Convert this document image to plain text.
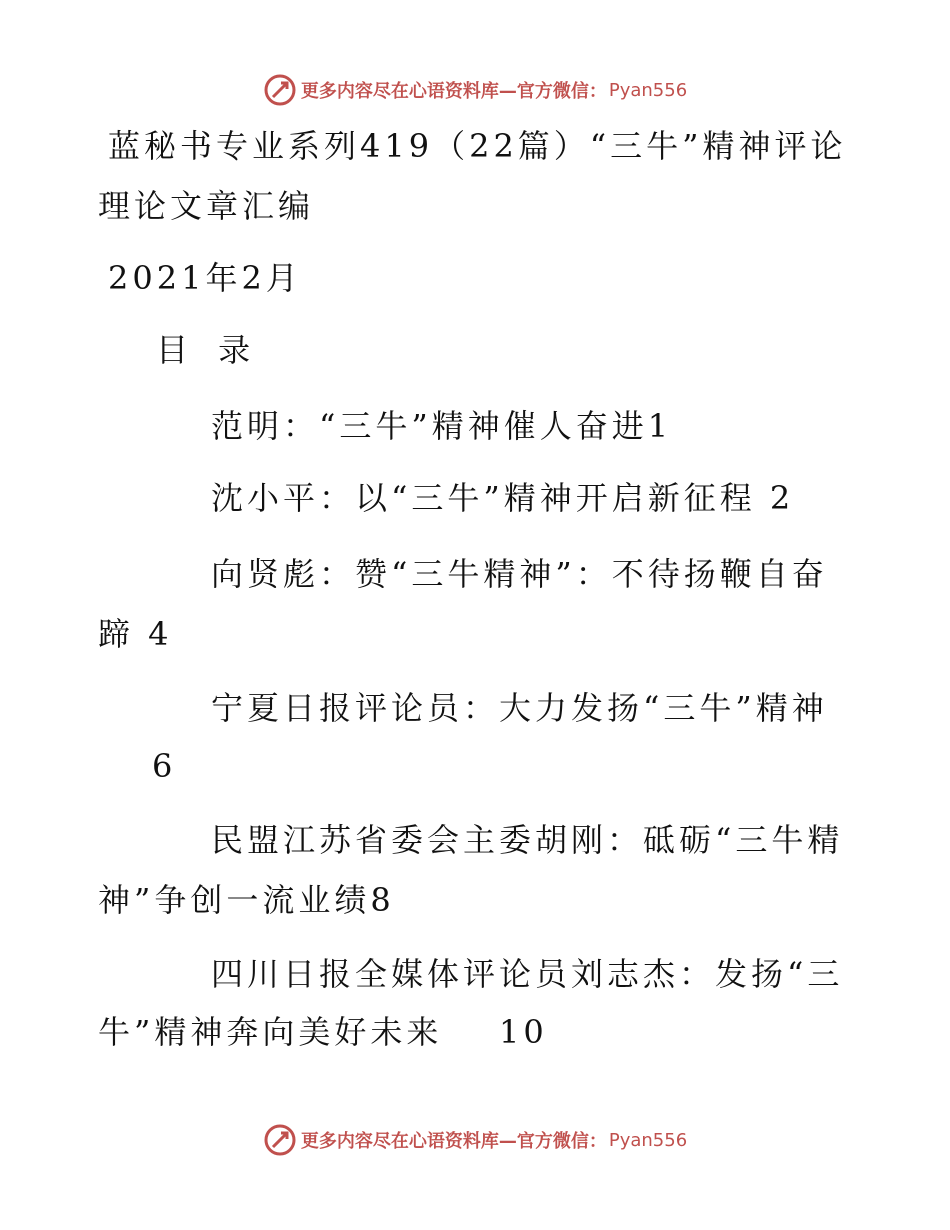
更多内容尽在心语资料库—官方微信： Pyan556
蓝秘书专业系列419（22篇）“三牛”精神评论
理论文章汇编
2021年2月
目 录
范明：“三牛”精神催人奋进1
沈小平：以“三牛”精神开启新征程 2
向贤彪：赞“三牛精神”：不待扬鞭自奋
蹄 4
宁夏日报评论员：大力发扬“三牛”精神
6
民盟江苏省委会主委胡刚：砥砺“三牛精
神”争创一流业绩8
四川日报全媒体评论员刘志杰：发扬“三
牛”精神奔向美好未来    10
更多内容尽在心语资料库—官方微信： Pyan556
